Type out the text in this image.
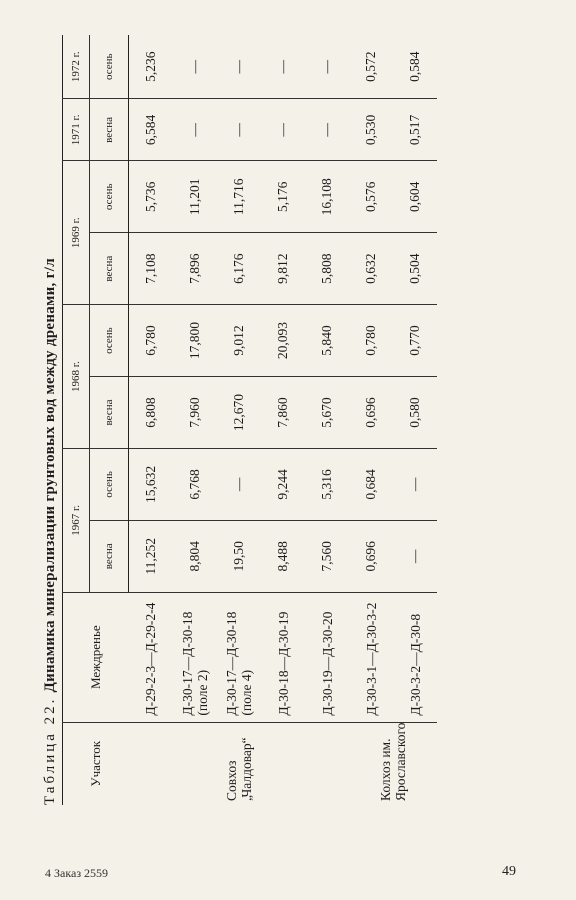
Таблица 22. Динамика минерализации грунтовых вод между дренами, г/л
Участок	Междренье	1967 г.		1968 г.		1969 г.		1971 г.	1972 г.
		весна	осень	весна	осень	весна	осень	весна	осень
Совхоз „Чалдовар“	Д-29-2-3—Д-29-2-4	11,252	15,632	6,808	6,780	7,108	5,736	6,584	5,236
	Д-30-17—Д-30-18 (поле 2)	8,804	6,768	7,960	17,800	7,896	11,201	—	—
	Д-30-17—Д-30-18 (поле 4)	19,50	—	12,670	9,012	6,176	11,716	—	—
	Д-30-18—Д-30-19	8,488	9,244	7,860	20,093	9,812	5,176	—	—
	Д-30-19—Д-30-20	7,560	5,316	5,670	5,840	5,808	16,108	—	—
Колхоз им. Ярославского	Д-30-3-1—Д-30-3-2	0,696	0,684	0,696	0,780	0,632	0,576	0,530	0,572
	Д-30-3-2—Д-30-8	—	—	0,580	0,770	0,504	0,604	0,517	0,584
4 Заказ 2559	49
